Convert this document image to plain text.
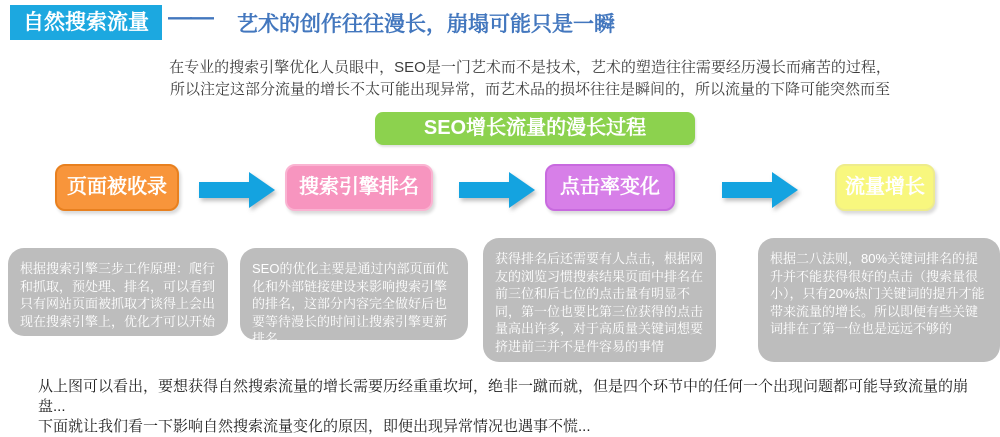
自然搜索流量 —— 艺术的创作往往漫长，崩塌可能只是一瞬
在专业的搜索引擎优化人员眼中，SEO是一门艺术而不是技术，艺术的塑造往往需要经历漫长而痛苦的过程，
所以注定这部分流量的增长不太可能出现异常，而艺术品的损坏往往是瞬间的，所以流量的下降可能突然而至
SEO增长流量的漫长过程
页面被收录	搜索引擎排名	点击率变化	流量增长
根据搜索引擎三步工作原理：爬行和抓取，预处理、排名，可以看到只有网站页面被抓取才谈得上会出现在搜索引擎上，优化才可以开始
SEO的优化主要是通过内部页面优化和外部链接建设来影响搜索引擎的排名，这部分内容完全做好后也要等待漫长的时间让搜索引擎更新排名
获得排名后还需要有人点击，根据网友的浏览习惯搜索结果页面中排名在前三位和后七位的点击量有明显不同，第一位也要比第三位获得的点击量高出许多，对于高质量关键词想要挤进前三并不是件容易的事情
根据二八法则，80%关键词排名的提升并不能获得很好的点击（搜索量很小），只有20%热门关键词的提升才能带来流量的增长。所以即便有些关键词排在了第一位也是远远不够的
从上图可以看出，要想获得自然搜索流量的增长需要历经重重坎坷，绝非一蹴而就，但是四个环节中的任何一个出现问题都可能导致流量的崩盘...
下面就让我们看一下影响自然搜索流量变化的原因，即便出现异常情况也遇事不慌...
